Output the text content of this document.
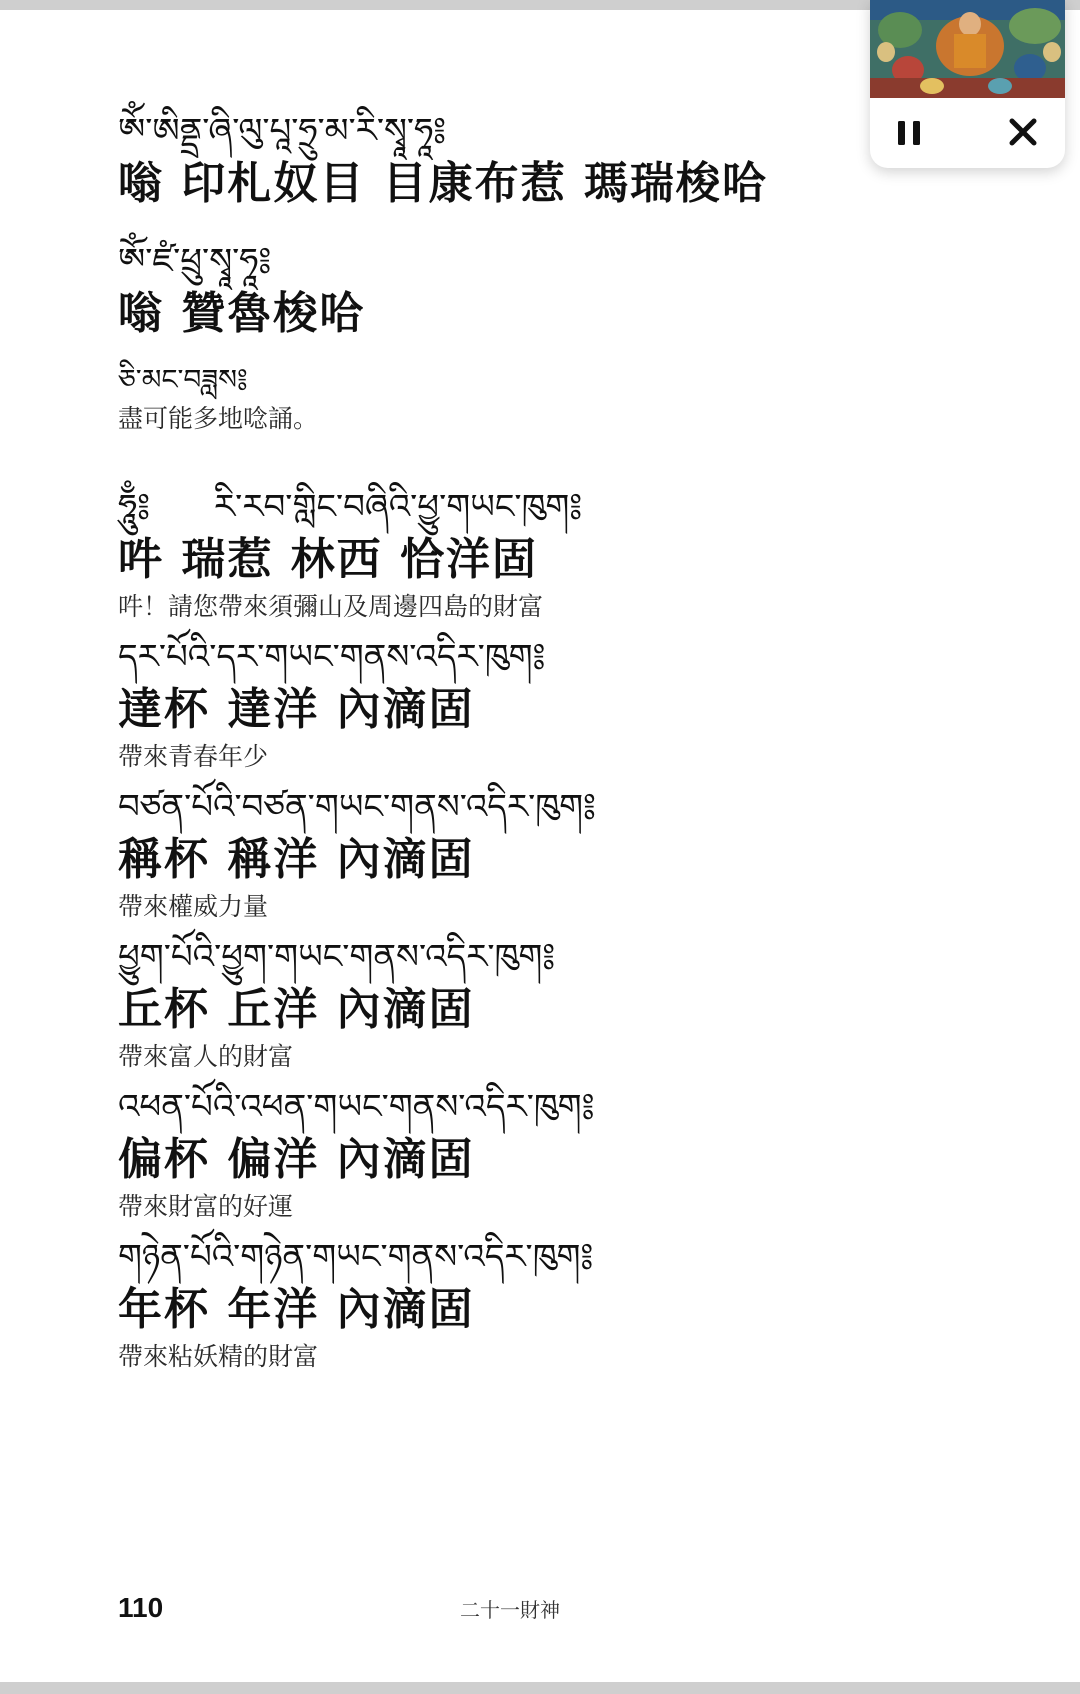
ཨོཾ་ཨིནྡྲ་ཞི་ལུ་པཱ་ཧྲུ་མ་རི་སྭཱ་ཧཱ༔
嗡 印札奴目 目康布惹 瑪瑞梭哈
ཨོཾ་ཛཾ་ཕྲུ་སྭཱ་ཧཱ༔
嗡 贊魯梭哈
ཅི་མང་བཟླས༔
盡可能多地唸誦。
ཧཱུྃ༔ རི་རབ་གླིང་བཞིའི་ཕྱུ་གཡང་ཁུག༔
吽 瑞惹 林西 恰洋固
吽！請您帶來須彌山及周邊四島的財富
དར་པོའི་དར་གཡང་གནས་འདིར་ཁུག༔
達杯 達洋 內滴固
帶來青春年少
བཙན་པོའི་བཙན་གཡང་གནས་འདིར་ཁུག༔
稱杯 稱洋 內滴固
帶來權威力量
ཕྱུག་པོའི་ཕྱུག་གཡང་གནས་འདིར་ཁུག༔
丘杯 丘洋 內滴固
帶來富人的財富
འཕན་པོའི་འཕན་གཡང་གནས་འདིར་ཁུག༔
偏杯 偏洋 內滴固
帶來財富的好運
གཉེན་པོའི་གཉེན་གཡང་གནས་འདིར་ཁུག༔
年杯 年洋 內滴固
帶來粘妖精的財富
110	二十一財神
